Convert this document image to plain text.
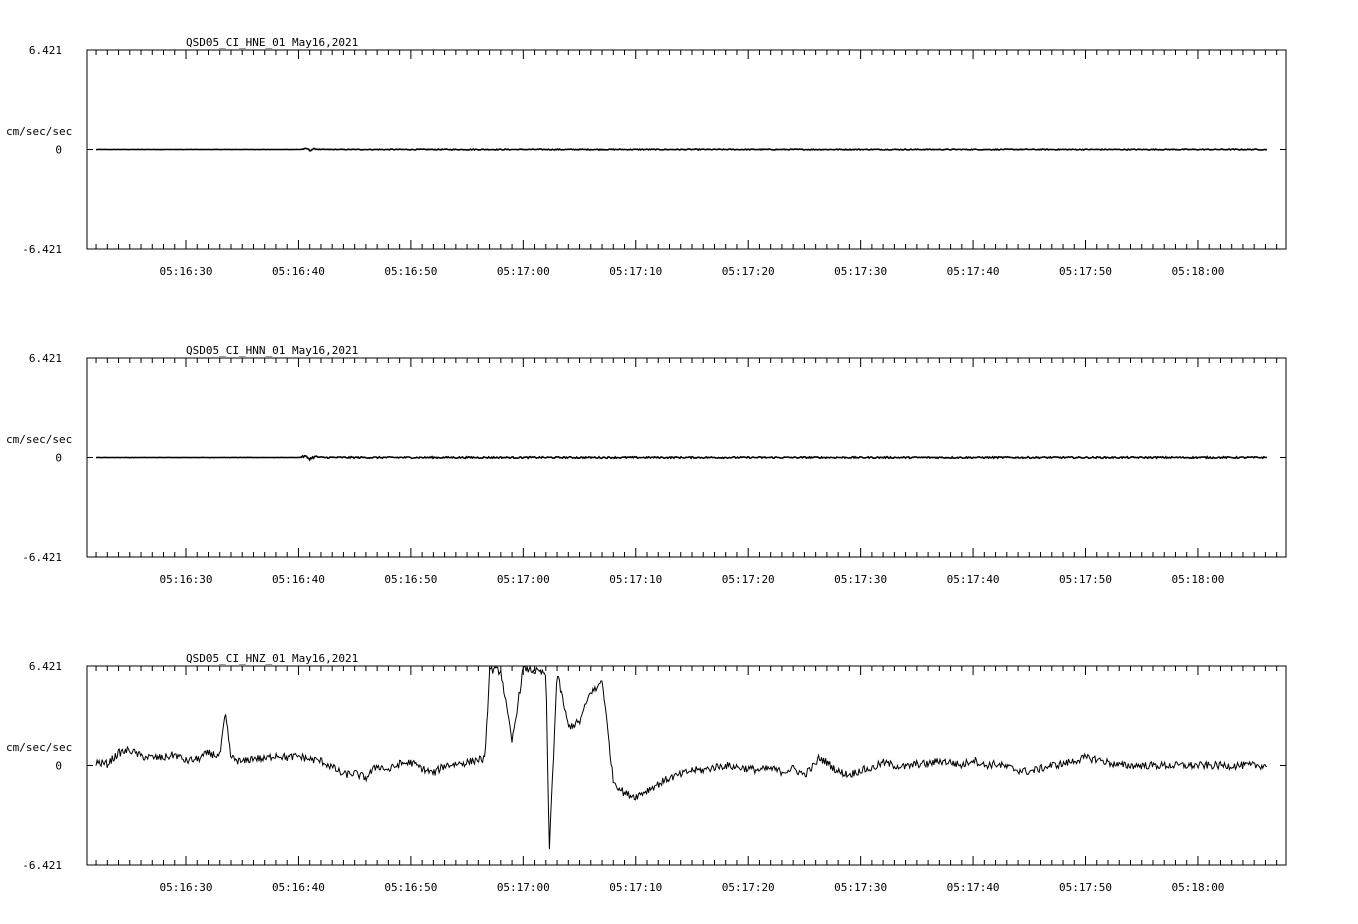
QSD05_CI_HNE_01 May16,2021
6.421
0
-6.421
cm/sec/sec
05:16:30	05:16:40	05:16:50	05:17:00	05:17:10	05:17:20	05:17:30	05:17:40	05:17:50	05:18:00
QSD05_CI_HNN_01 May16,2021
6.421
0
-6.421
cm/sec/sec
05:16:30	05:16:40	05:16:50	05:17:00	05:17:10	05:17:20	05:17:30	05:17:40	05:17:50	05:18:00
QSD05_CI_HNZ_01 May16,2021
6.421
0
-6.421
cm/sec/sec
05:16:30	05:16:40	05:16:50	05:17:00	05:17:10	05:17:20	05:17:30	05:17:40	05:17:50	05:18:00
